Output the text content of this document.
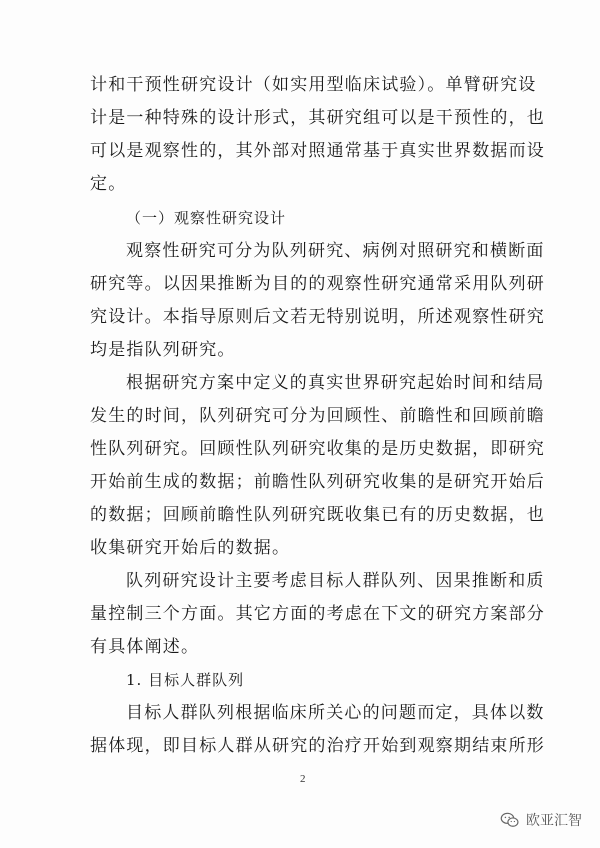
计和干预性研究设计（如实用型临床试验）。单臂研究设
计是一种特殊的设计形式，其研究组可以是干预性的，也
可以是观察性的，其外部对照通常基于真实世界数据而设
定。
（一）观察性研究设计
观察性研究可分为队列研究、病例对照研究和横断面
研究等。以因果推断为目的的观察性研究通常采用队列研
究设计。本指导原则后文若无特别说明，所述观察性研究
均是指队列研究。
根据研究方案中定义的真实世界研究起始时间和结局
发生的时间，队列研究可分为回顾性、前瞻性和回顾前瞻
性队列研究。回顾性队列研究收集的是历史数据，即研究
开始前生成的数据；前瞻性队列研究收集的是研究开始后
的数据；回顾前瞻性队列研究既收集已有的历史数据，也
收集研究开始后的数据。
队列研究设计主要考虑目标人群队列、因果推断和质
量控制三个方面。其它方面的考虑在下文的研究方案部分
有具体阐述。
1. 目标人群队列
目标人群队列根据临床所关心的问题而定，具体以数
据体现，即目标人群从研究的治疗开始到观察期结束所形
2
欧亚汇智
